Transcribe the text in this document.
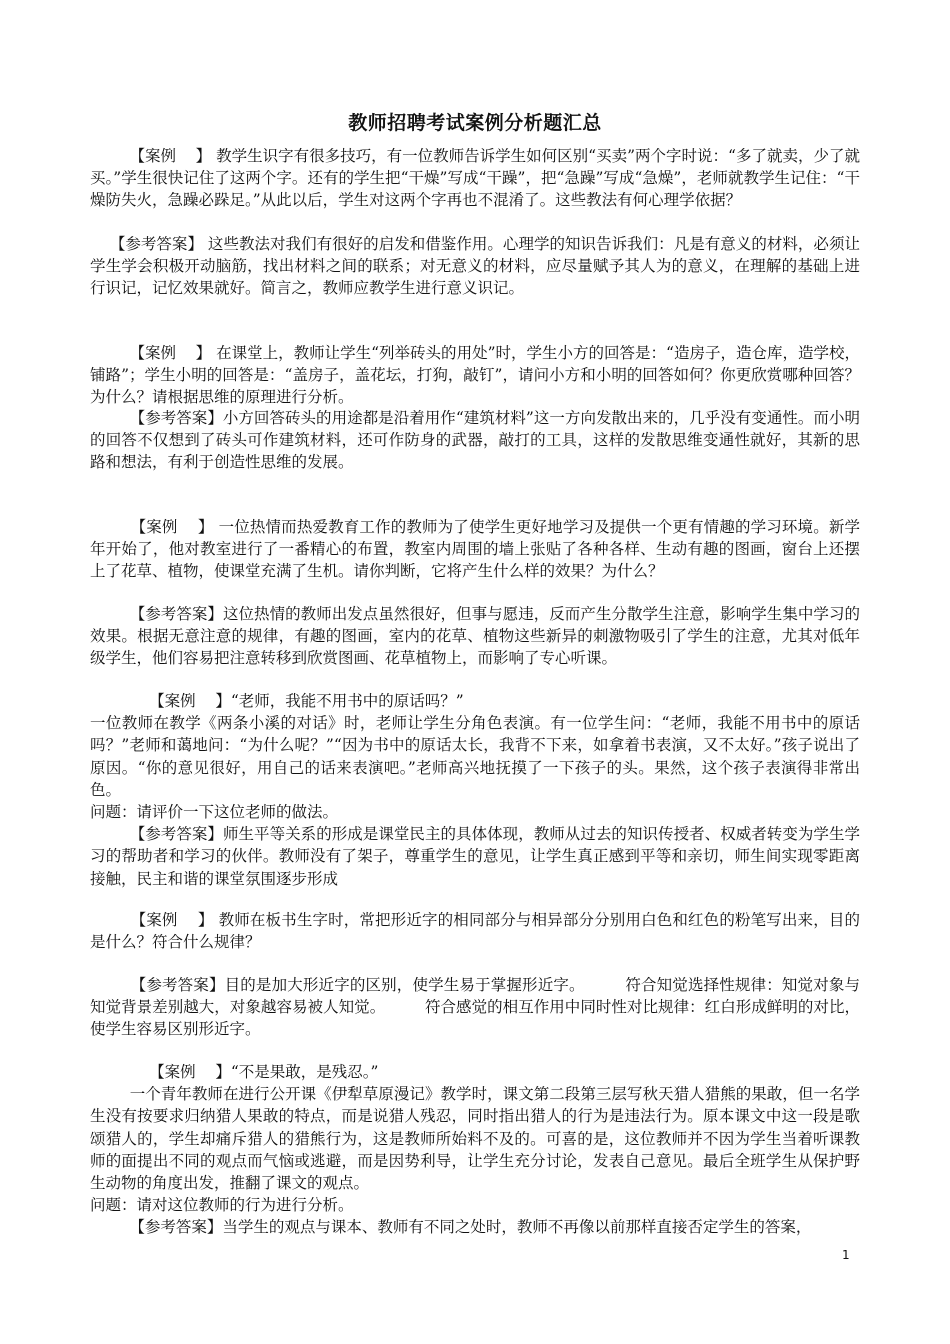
教师招聘考试案例分析题汇总
【案例    】 教学生识字有很多技巧，有一位教师告诉学生如何区别“买卖”两个字时说：“多了就卖，少了就买。”学生很快记住了这两个字。还有的学生把“干燥”写成“干躁”，把“急躁”写成“急燥”，老师就教学生记住：“干燥防失火，急躁必跺足。”从此以后，学生对这两个字再也不混淆了。这些教法有何心理学依据？
【参考答案】 这些教法对我们有很好的启发和借鉴作用。心理学的知识告诉我们：凡是有意义的材料，必须让学生学会积极开动脑筋，找出材料之间的联系；对无意义的材料，应尽量赋予其人为的意义，在理解的基础上进行识记，记忆效果就好。简言之，教师应教学生进行意义识记。
【案例    】 在课堂上，教师让学生“列举砖头的用处”时，学生小方的回答是：“造房子，造仓库，造学校，铺路”；学生小明的回答是：“盖房子，盖花坛，打狗，敲钉”，请问小方和小明的回答如何？你更欣赏哪种回答？为什么？请根据思维的原理进行分析。
【参考答案】小方回答砖头的用途都是沿着用作“建筑材料”这一方向发散出来的，几乎没有变通性。而小明的回答不仅想到了砖头可作建筑材料，还可作防身的武器，敲打的工具，这样的发散思维变通性就好，其新的思路和想法，有利于创造性思维的发展。
【案例    】 一位热情而热爱教育工作的教师为了使学生更好地学习及提供一个更有情趣的学习环境。新学年开始了，他对教室进行了一番精心的布置，教室内周围的墙上张贴了各种各样、生动有趣的图画，窗台上还摆上了花草、植物，使课堂充满了生机。请你判断，它将产生什么样的效果？为什么？
【参考答案】这位热情的教师出发点虽然很好，但事与愿违，反而产生分散学生注意，影响学生集中学习的效果。根据无意注意的规律，有趣的图画，室内的花草、植物这些新异的刺激物吸引了学生的注意，尤其对低年级学生，他们容易把注意转移到欣赏图画、花草植物上，而影响了专心听课。
【案例    】“老师，我能不用书中的原话吗？”
一位教师在教学《两条小溪的对话》时，老师让学生分角色表演。有一位学生问：“老师，我能不用书中的原话吗？”老师和蔼地问：“为什么呢？”“因为书中的原话太长，我背不下来，如拿着书表演，又不太好。”孩子说出了原因。“你的意见很好，用自己的话来表演吧。”老师高兴地抚摸了一下孩子的头。果然，这个孩子表演得非常出色。
问题：请评价一下这位老师的做法。
【参考答案】师生平等关系的形成是课堂民主的具体体现，教师从过去的知识传授者、权威者转变为学生学习的帮助者和学习的伙伴。教师没有了架子，尊重学生的意见，让学生真正感到平等和亲切，师生间实现零距离接触，民主和谐的课堂氛围逐步形成
【案例    】 教师在板书生字时，常把形近字的相同部分与相异部分分别用白色和红色的粉笔写出来，目的是什么？符合什么规律？
【参考答案】目的是加大形近字的区别，使学生易于掌握形近字。        符合知觉选择性规律：知觉对象与知觉背景差别越大，对象越容易被人知觉。        符合感觉的相互作用中同时性对比规律：红白形成鲜明的对比，使学生容易区别形近字。
【案例    】“不是果敢，是残忍。”
一个青年教师在进行公开课《伊犁草原漫记》教学时，课文第二段第三层写秋天猎人猎熊的果敢，但一名学生没有按要求归纳猎人果敢的特点，而是说猎人残忍，同时指出猎人的行为是违法行为。原本课文中这一段是歌颂猎人的，学生却痛斥猎人的猎熊行为，这是教师所始料不及的。可喜的是，这位教师并不因为学生当着听课教师的面提出不同的观点而气恼或逃避，而是因势利导，让学生充分讨论，发表自己意见。最后全班学生从保护野生动物的角度出发，推翻了课文的观点。
问题：请对这位教师的行为进行分析。
【参考答案】当学生的观点与课本、教师有不同之处时，教师不再像以前那样直接否定学生的答案，
1
